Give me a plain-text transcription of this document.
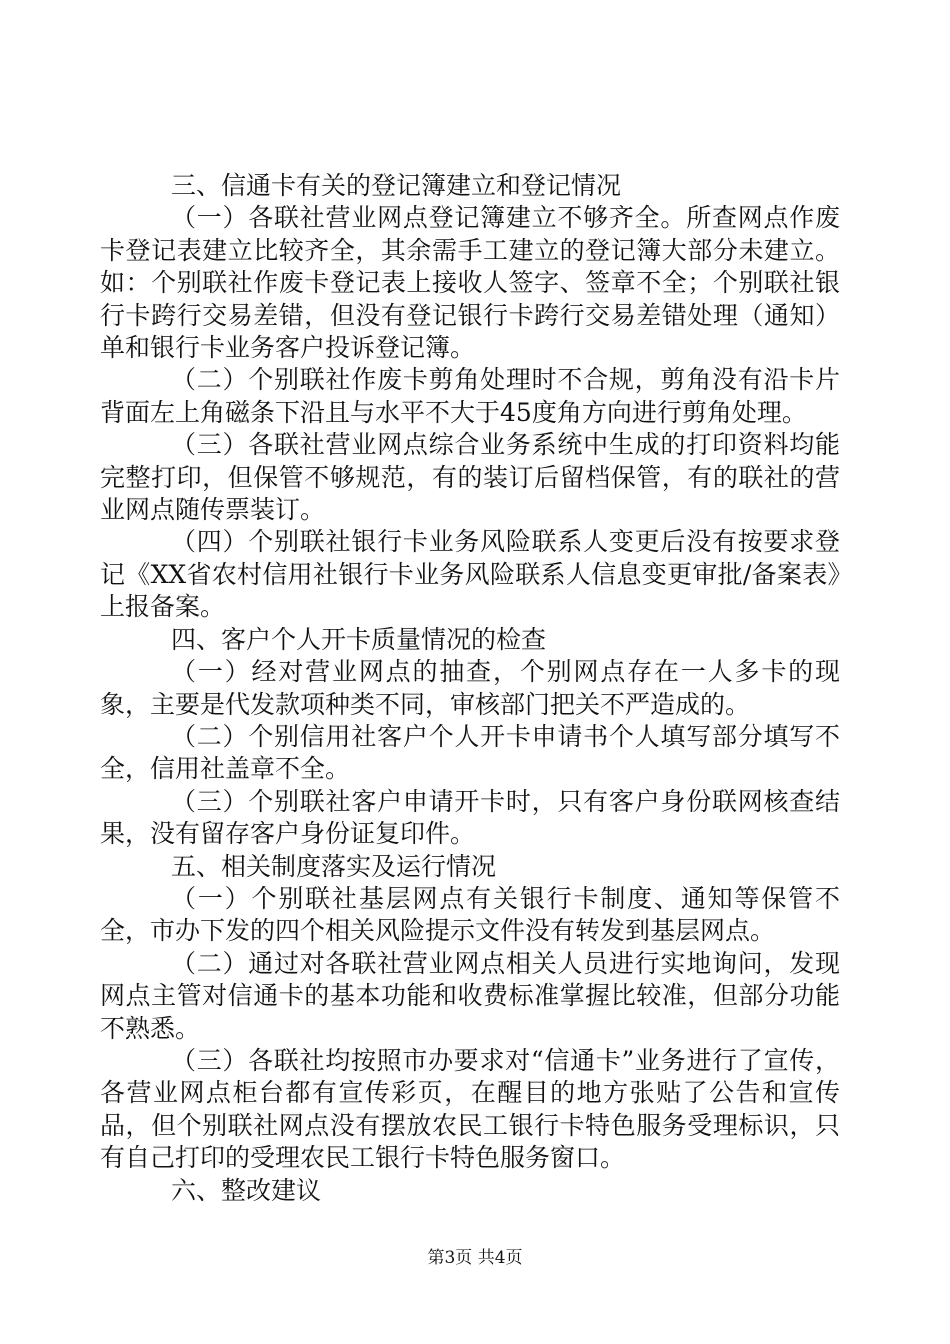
三、信通卡有关的登记簿建立和登记情况

（一）各联社营业网点登记簿建立不够齐全。所查网点作废卡登记表建立比较齐全，其余需手工建立的登记簿大部分未建立。如：个别联社作废卡登记表上接收人签字、签章不全；个别联社银行卡跨行交易差错，但没有登记银行卡跨行交易差错处理（通知）单和银行卡业务客户投诉登记簿。

（二）个别联社作废卡剪角处理时不合规，剪角没有沿卡片背面左上角磁条下沿且与水平不大于45度角方向进行剪角处理。

（三）各联社营业网点综合业务系统中生成的打印资料均能完整打印，但保管不够规范，有的装订后留档保管，有的联社的营业网点随传票装订。

（四）个别联社银行卡业务风险联系人变更后没有按要求登记《XX省农村信用社银行卡业务风险联系人信息变更审批/备案表》上报备案。

四、客户个人开卡质量情况的检查

（一）经对营业网点的抽查，个别网点存在一人多卡的现象，主要是代发款项种类不同，审核部门把关不严造成的。

（二）个别信用社客户个人开卡申请书个人填写部分填写不全，信用社盖章不全。

（三）个别联社客户申请开卡时，只有客户身份联网核查结果，没有留存客户身份证复印件。

五、相关制度落实及运行情况

（一）个别联社基层网点有关银行卡制度、通知等保管不全，市办下发的四个相关风险提示文件没有转发到基层网点。

（二）通过对各联社营业网点相关人员进行实地询问，发现网点主管对信通卡的基本功能和收费标准掌握比较准，但部分功能不熟悉。

（三）各联社均按照市办要求对“信通卡”业务进行了宣传，各营业网点柜台都有宣传彩页，在醒目的地方张贴了公告和宣传品，但个别联社网点没有摆放农民工银行卡特色服务受理标识，只有自己打印的受理农民工银行卡特色服务窗口。

六、整改建议

第3页 共4页
